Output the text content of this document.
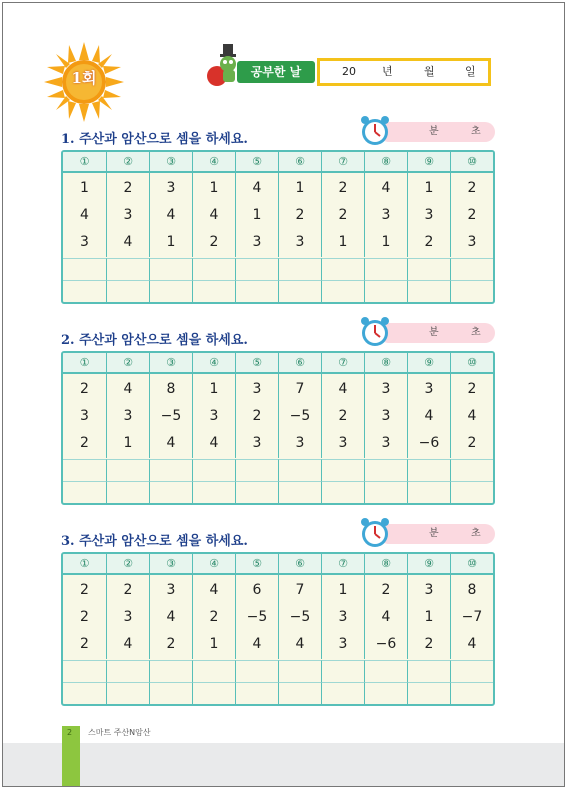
2 스마트 주산N암산
1회	공부한 날	20 년	월	일
1. 주산과 암산으로 셈을 하세요.
분	초
①	②	③	④	⑤	⑥	⑦	⑧	⑨	⑩
1	2	3	1	4	1	2	4	1	2
4	3	4	4	1	2	2	3	3	2
3	4	1	2	3	3	1	1	2	3
2. 주산과 암산으로 셈을 하세요.
분	초
①	②	③	④	⑤	⑥	⑦	⑧	⑨	⑩
2	4	8	1	3	7	4	3	3	2
3	3	−5	3	2	−5	2	3	4	4
2	1	4	4	3	3	3	3	−6	2
3. 주산과 암산으로 셈을 하세요.
분	초
①	②	③	④	⑤	⑥	⑦	⑧	⑨	⑩
2	2	3	4	6	7	1	2	3	8
2	3	4	2	−5	−5	3	4	1	−7
2	4	2	1	4	4	3	−6	2	4
